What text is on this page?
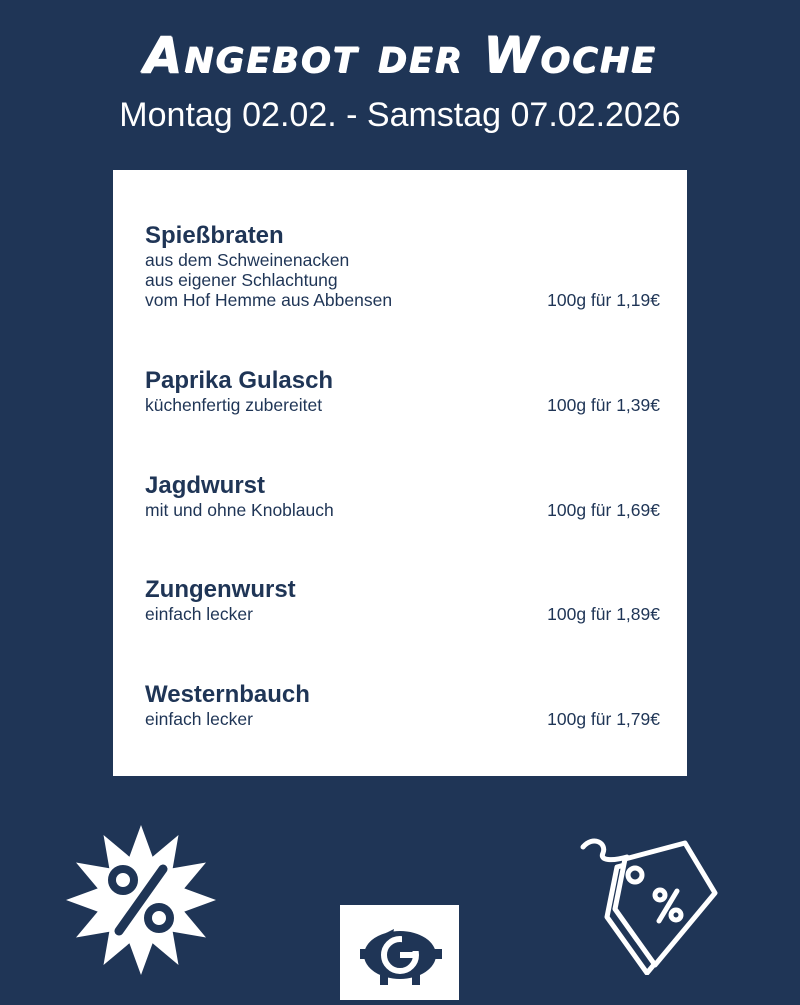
Angebot der Woche
Montag 02.02. - Samstag 07.02.2026
Spießbraten
aus dem Schweinenacken
aus eigener Schlachtung
vom Hof Hemme aus Abbensen	100g für 1,19€
Paprika Gulasch
küchenfertig zubereitet	100g für 1,39€
Jagdwurst
mit und ohne Knoblauch	100g für 1,69€
Zungenwurst
einfach lecker	100g für 1,89€
Westernbauch
einfach lecker	100g für 1,79€
